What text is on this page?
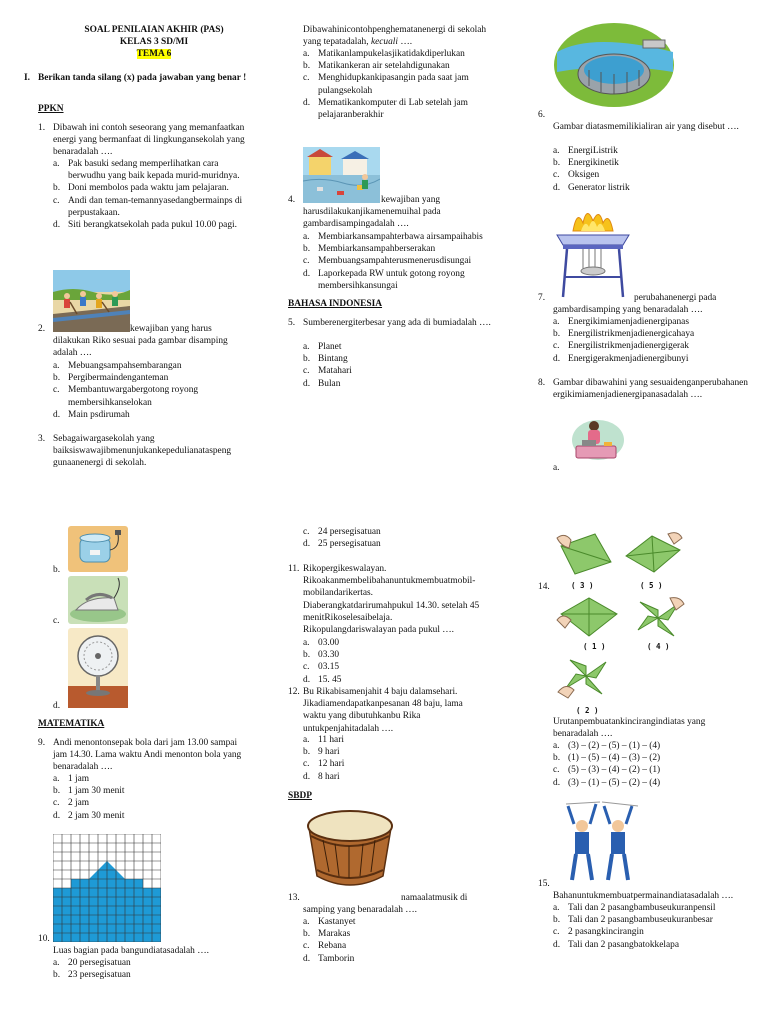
SOAL PENILAIAN AKHIR (PAS)
KELAS 3 SD/MI
TEMA 6
I. Berikan tanda silang (x) pada jawaban yang benar !
PPKN
1. Dibawah ini contoh seseorang yang memanfaatkan energi yang bermanfaat di lingkungansekolah yang benaradalah ….
a. Pak basuki sedang memperlihatkan cara berwudhu yang baik kepada murid-muridnya.
b. Doni membolos pada waktu jam pelajaran.
c. Andi dan teman-temannyasedangbermainps di perpustakaan.
d. Siti berangkatsekolah pada pukul 10.00 pagi.
2.	kewajiban yang harus
dilakukan Riko sesuai pada gambar disamping adalah ….
a. Mebuangsampahsembarangan
b. Pergibermaindenganteman
c. Membantuwargabergotong royong membersihkanselokan
d. Main psdirumah
3. Sebagaiwargasekolah yang baiksiswawajibmenunjukankepedulianataspeng gunaanenergi di sekolah.
b.
c.
d.
MATEMATIKA
9. Andi menontonsepak bola dari jam 13.00 sampai jam 14.30. Lama waktu Andi menonton bola yang benaradalah ….
a. 1 jam
b. 1 jam 30 menit
c. 2 jam
d. 2 jam 30 menit
10.
Luas bagian pada bangundiatasadalah ….
a. 20 persegisatuan
b. 23 persegisatuan
Dibawahinicontohpenghematanenergi di sekolah yang tepatadalah, kecuali ….
a. Matikanlampukelasjikatidakdiperlukan
b. Matikankeran air setelahdigunakan
c. Menghidupkankipasangin pada saat jam pulangsekolah
d. Mematikankomputer di Lab setelah jam pelajaranberakhir
4.	kewajiban yang
harusdilakukanjikamenemuihal pada gambardisampingadalah ….
a. Membiarkansampahterbawa airsampaihabis
b. Membiarkansampahberserakan
c. Membuangsampahterusmenerusdisungai
d. Laporkepada RW untuk gotong royong membersihkansungai
BAHASA INDONESIA
5. Sumberenergiterbesar yang ada di bumiadalah ….
a. Planet
b. Bintang
c. Matahari
d. Bulan
c. 24 persegisatuan
d. 25 persegisatuan
11. Rikopergikeswalayan.
Rikoakanmembelibahanuntukmembuatmobil-mobilandarikertas.
Diaberangkatdarirumahpukul 14.30. setelah 45 menitRikoselesaibelaja.
Rikopulangdariswalayan pada pukul ….
a. 03.00
b. 03.30
c. 03.15
d. 15. 45
12. Bu Rikabisamenjahit 4 baju dalamsehari. Jikadiamendapatkanpesanan 48 baju, lama waktu yang dibutuhkanbu Rika untukpenjahitadalah ….
a. 11 hari
b. 9 hari
c. 12 hari
d. 8 hari
SBDP
13.	namaalatmusik di
samping yang benaradalah ….
a. Kastanyet
b. Marakas
c. Rebana
d. Tamborin
6.
Gambar diatasmemilikialiran air yang disebut ….
a. EnergiListrik
b. Energikinetik
c. Oksigen
d. Generator listrik
7.	perubahanenergi pada
gambardisamping yang benaradalah ….
a. Energikimiamenjadienergipanas
b. Energilistrikmenjadienergicahaya
c. Energilistrikmenjadienergigerak
d. Energigerakmenjadienergibunyi
8. Gambar dibawahini yang sesuaidenganperubahanenergikimiamenjadienergipanasadalah ….
a.
( 3 )	( 5 )
14.
( 1 )	( 4 )
( 2 )
Urutanpembuatankincirangindiatas yang benaradalah ….
a. (3) – (2) – (5) – (1) – (4)
b. (1) – (5) – (4) – (3) – (2)
c. (5) – (3) – (4) – (2) – (1)
d. (3) – (1) – (5) – (2) – (4)
15.
Bahanuntukmembuatpermainandiatasadalah ….
a. Tali dan 2 pasangbambuseukuranpensil
b. Tali dan 2 pasangbambuseukuranbesar
c. 2 pasangkincirangin
d. Tali dan 2 pasangbatokkelapa
